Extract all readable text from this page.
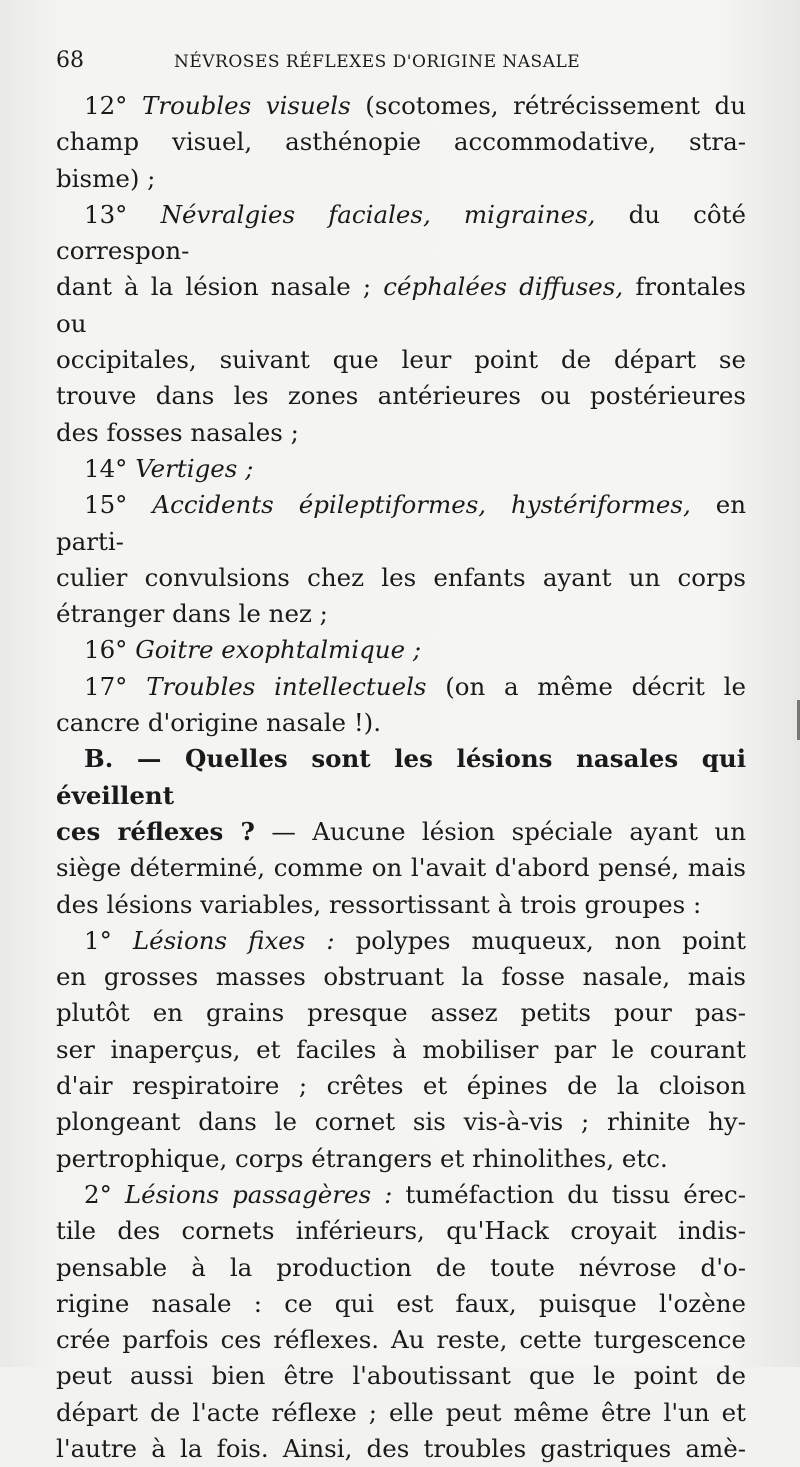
68	NÉVROSES RÉFLEXES D'ORIGINE NASALE
12° Troubles visuels (scotomes, rétrécissement du
champ visuel, asthénopie accommodative, stra-
bisme) ;
13° Névralgies faciales, migraines, du côté correspon-
dant à la lésion nasale ; céphalées diffuses, frontales ou
occipitales, suivant que leur point de départ se
trouve dans les zones antérieures ou postérieures
des fosses nasales ;
14° Vertiges ;
15° Accidents épileptiformes, hystériformes, en parti-
culier convulsions chez les enfants ayant un corps
étranger dans le nez ;
16° Goitre exophtalmique ;
17° Troubles intellectuels (on a même décrit le
cancre d'origine nasale !).
B. — Quelles sont les lésions nasales qui éveillent
ces réflexes ? — Aucune lésion spéciale ayant un
siège déterminé, comme on l'avait d'abord pensé, mais
des lésions variables, ressortissant à trois groupes :
1° Lésions fixes : polypes muqueux, non point
en grosses masses obstruant la fosse nasale, mais
plutôt en grains presque assez petits pour pas-
ser inaperçus, et faciles à mobiliser par le courant
d'air respiratoire ; crêtes et épines de la cloison
plongeant dans le cornet sis vis-à-vis ; rhinite hy-
pertrophique, corps étrangers et rhinolithes, etc.
2° Lésions passagères : tuméfaction du tissu érec-
tile des cornets inférieurs, qu'Hack croyait indis-
pensable à la production de toute névrose d'o-
rigine nasale : ce qui est faux, puisque l'ozène
crée parfois ces réflexes. Au reste, cette turgescence
peut aussi bien être l'aboutissant que le point de
départ de l'acte réflexe ; elle peut même être l'un et
l'autre à la fois. Ainsi, des troubles gastriques amè-
